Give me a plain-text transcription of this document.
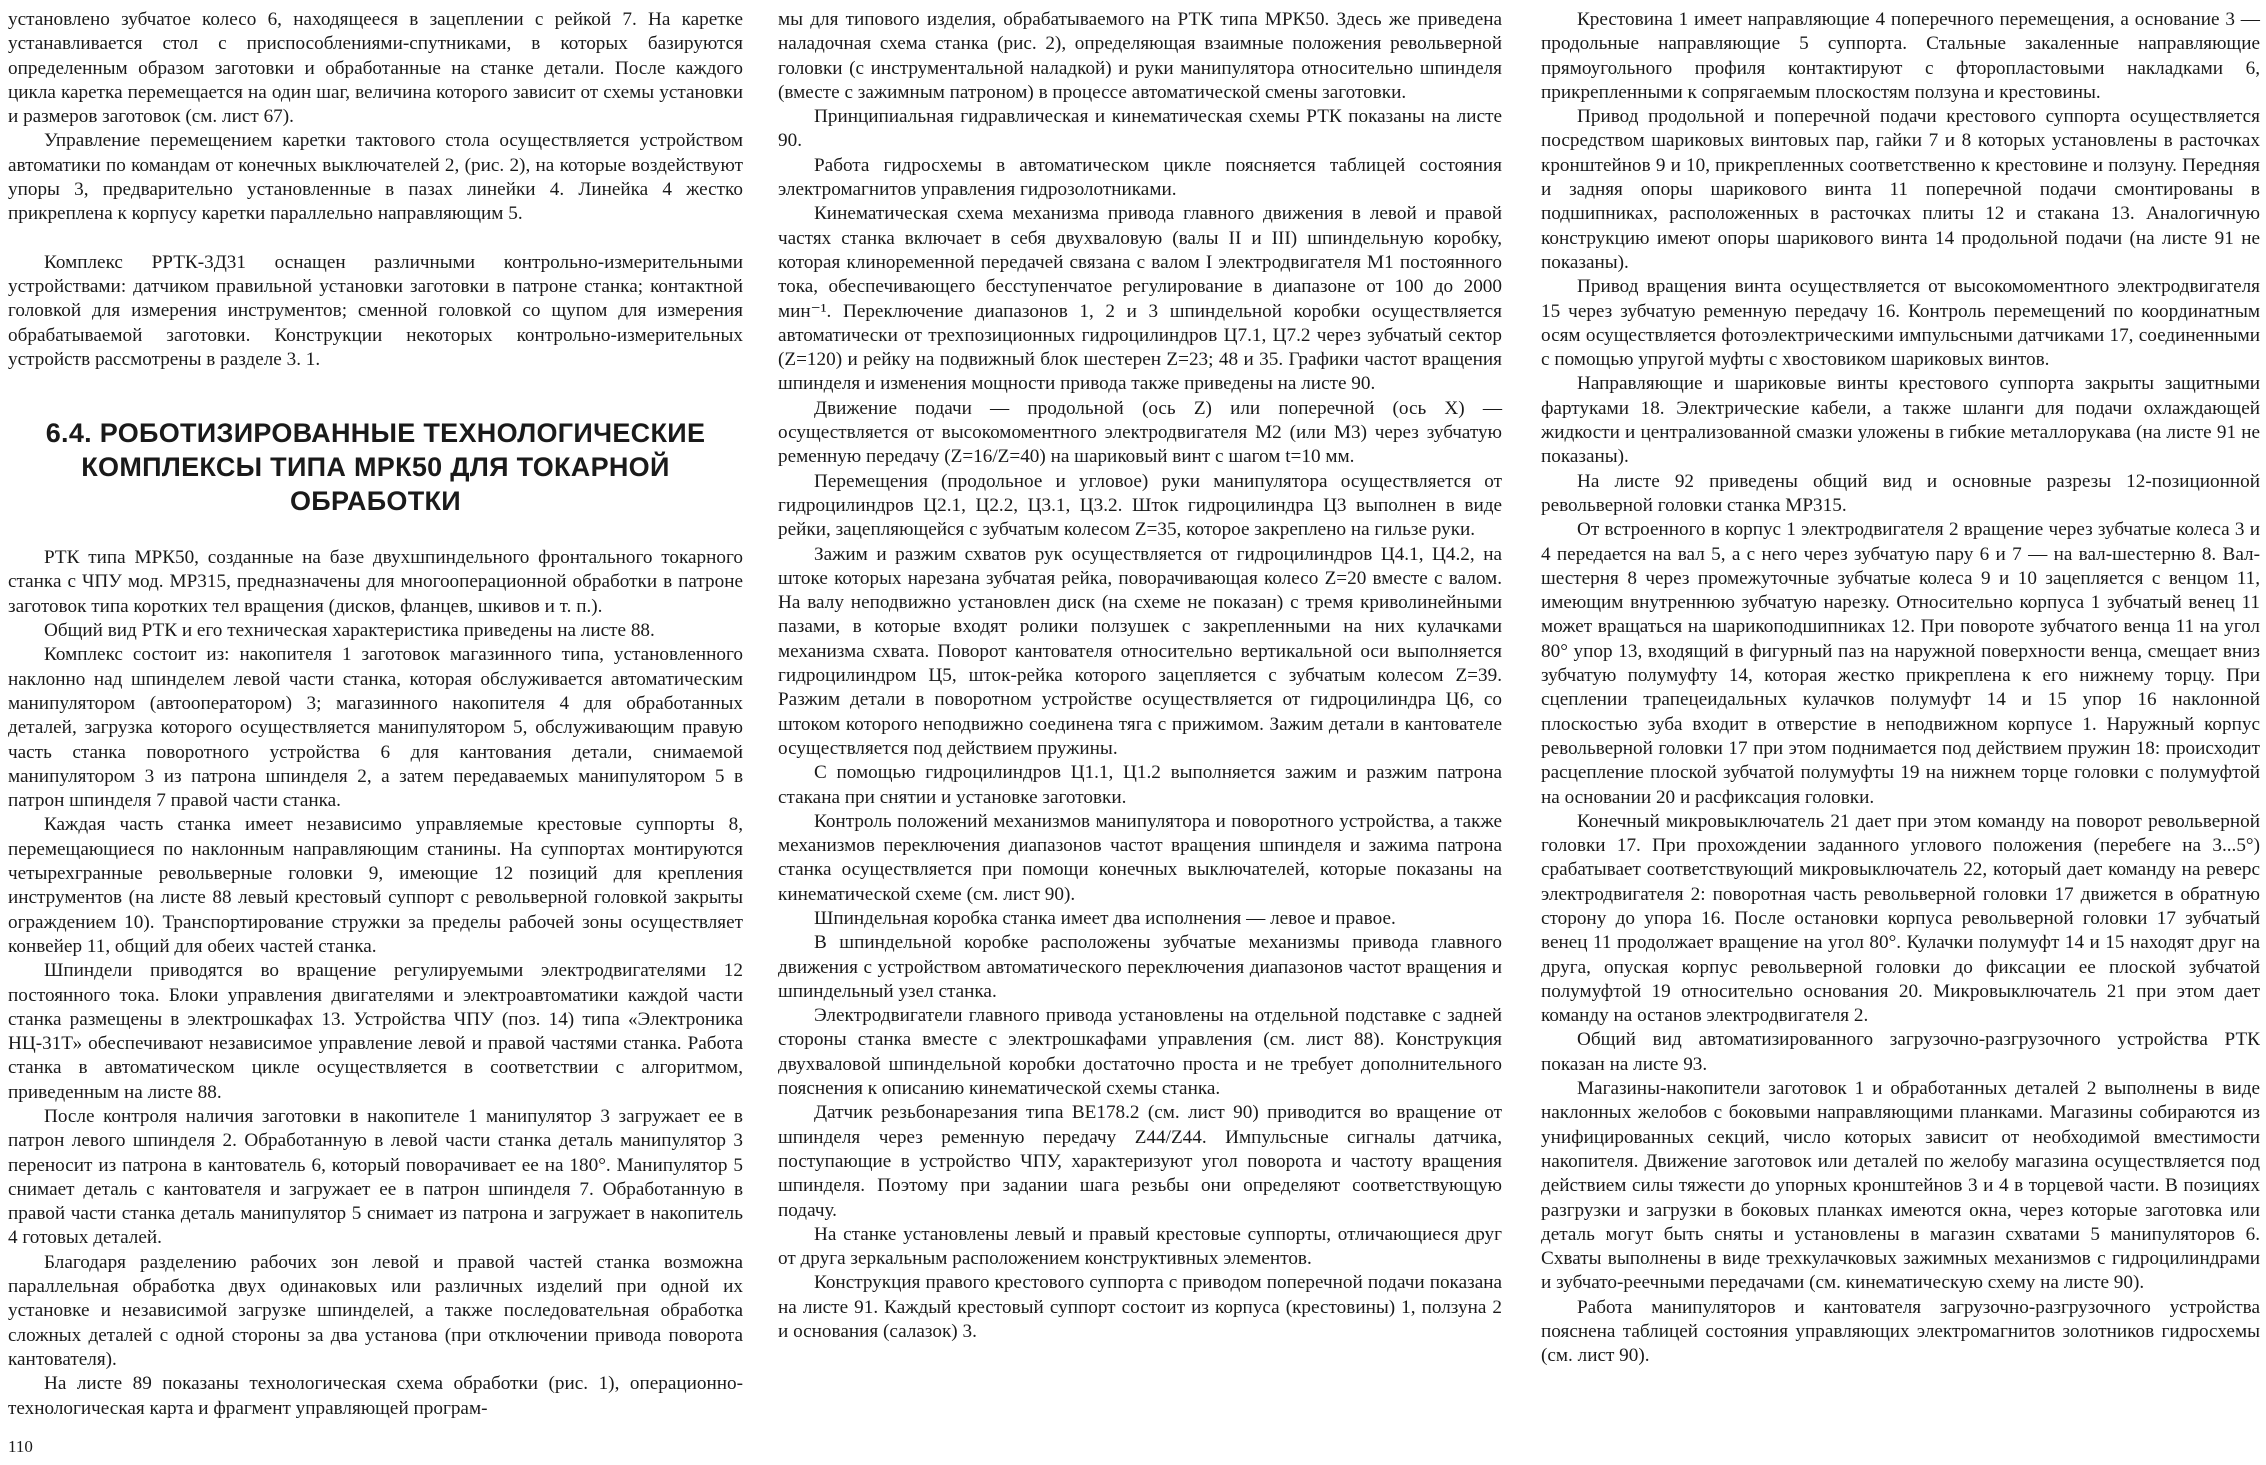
установлено зубчатое колесо 6, находящееся в зацеплении с рейкой 7. На каретке устанавливается стол с приспособлениями-спутниками, в которых базируются определенным образом заготовки и обработанные на станке детали. После каждого цикла каретка перемещается на один шаг, величина которого зависит от схемы установки и размеров заготовок (см. лист 67).

Управление перемещением каретки тактового стола осуществляется устройством автоматики по командам от конечных выключателей 2, (рис. 2), на которые воздействуют упоры 3, предварительно установленные в пазах линейки 4. Линейка 4 жестко прикреплена к корпусу каретки параллельно направляющим 5.

Комплекс РРТК-3Д31 оснащен различными контрольно-измерительными устройствами: датчиком правильной установки заготовки в патроне станка; контактной головкой для измерения инструментов; сменной головкой со щупом для измерения обрабатываемой заготовки. Конструкции некоторых контрольно-измерительных устройств рассмотрены в разделе 3. 1.

6.4. РОБОТИЗИРОВАННЫЕ ТЕХНОЛОГИЧЕСКИЕ КОМПЛЕКСЫ ТИПА МРК50 ДЛЯ ТОКАРНОЙ ОБРАБОТКИ

РТК типа МРК50, созданные на базе двухшпиндельного фронтального токарного станка с ЧПУ мод. МР315, предназначены для многооперационной обработки в патроне заготовок типа коротких тел вращения (дисков, фланцев, шкивов и т. п.).

Общий вид РТК и его техническая характеристика приведены на листе 88.

Комплекс состоит из: накопителя 1 заготовок магазинного типа, установленного наклонно над шпинделем левой части станка, которая обслуживается автоматическим манипулятором (автооператором) 3; магазинного накопителя 4 для обработанных деталей, загрузка которого осуществляется манипулятором 5, обслуживающим правую часть станка поворотного устройства 6 для кантования детали, снимаемой манипулятором 3 из патрона шпинделя 2, а затем передаваемых манипулятором 5 в патрон шпинделя 7 правой части станка.

Каждая часть станка имеет независимо управляемые крестовые суппорты 8, перемещающиеся по наклонным направляющим станины. На суппортах монтируются четырехгранные револьверные головки 9, имеющие 12 позиций для крепления инструментов (на листе 88 левый крестовый суппорт с револьверной головкой закрыты ограждением 10). Транспортирование стружки за пределы рабочей зоны осуществляет конвейер 11, общий для обеих частей станка.

Шпиндели приводятся во вращение регулируемыми электродвигателями 12 постоянного тока. Блоки управления двигателями и электроавтоматики каждой части станка размещены в электрошкафах 13. Устройства ЧПУ (поз. 14) типа «Электроника НЦ-31Т» обеспечивают независимое управление левой и правой частями станка. Работа станка в автоматическом цикле осуществляется в соответствии с алгоритмом, приведенным на листе 88.

После контроля наличия заготовки в накопителе 1 манипулятор 3 загружает ее в патрон левого шпинделя 2. Обработанную в левой части станка деталь манипулятор 3 переносит из патрона в кантователь 6, который поворачивает ее на 180°. Манипулятор 5 снимает деталь с кантователя и загружает ее в патрон шпинделя 7. Обработанную в правой части станка деталь манипулятор 5 снимает из патрона и загружает в накопитель 4 готовых деталей.

Благодаря разделению рабочих зон левой и правой частей станка возможна параллельная обработка двух одинаковых или различных изделий при одной их установке и независимой загрузке шпинделей, а также последовательная обработка сложных деталей с одной стороны за два установа (при отключении привода поворота кантователя).

На листе 89 показаны технологическая схема обработки (рис. 1), операционно-технологическая карта и фрагмент управляющей програм-

мы для типового изделия, обрабатываемого на РТК типа МРК50. Здесь же приведена наладочная схема станка (рис. 2), определяющая взаимные положения револьверной головки (с инструментальной наладкой) и руки манипулятора относительно шпинделя (вместе с зажимным патроном) в процессе автоматической смены заготовки.

Принципиальная гидравлическая и кинематическая схемы РТК показаны на листе 90.

Работа гидросхемы в автоматическом цикле поясняется таблицей состояния электромагнитов управления гидрозолотниками.

Кинематическая схема механизма привода главного движения в левой и правой частях станка включает в себя двухваловую (валы II и III) шпиндельную коробку, которая клиноременной передачей связана с валом I электродвигателя M1 постоянного тока, обеспечивающего бесступенчатое регулирование в диапазоне от 100 до 2000 мин⁻¹. Переключение диапазонов 1, 2 и 3 шпиндельной коробки осуществляется автоматически от трехпозиционных гидроцилиндров Ц7.1, Ц7.2 через зубчатый сектор (Z=120) и рейку на подвижный блок шестерен Z=23; 48 и 35. Графики частот вращения шпинделя и изменения мощности привода также приведены на листе 90.

Движение подачи — продольной (ось Z) или поперечной (ось X) — осуществляется от высокомоментного электродвигателя M2 (или M3) через зубчатую ременную передачу (Z=16/Z=40) на шариковый винт с шагом t=10 мм.

Перемещения (продольное и угловое) руки манипулятора осуществляется от гидроцилиндров Ц2.1, Ц2.2, Ц3.1, Ц3.2. Шток гидроцилиндра Ц3 выполнен в виде рейки, зацепляющейся с зубчатым колесом Z=35, которое закреплено на гильзе руки.

Зажим и разжим схватов рук осуществляется от гидроцилиндров Ц4.1, Ц4.2, на штоке которых нарезана зубчатая рейка, поворачивающая колесо Z=20 вместе с валом. На валу неподвижно установлен диск (на схеме не показан) с тремя криволинейными пазами, в которые входят ролики ползушек с закрепленными на них кулачками механизма схвата. Поворот кантователя относительно вертикальной оси выполняется гидроцилиндром Ц5, шток-рейка которого зацепляется с зубчатым колесом Z=39. Разжим детали в поворотном устройстве осуществляется от гидроцилиндра Ц6, со штоком которого неподвижно соединена тяга с прижимом. Зажим детали в кантователе осуществляется под действием пружины.

С помощью гидроцилиндров Ц1.1, Ц1.2 выполняется зажим и разжим патрона стакана при снятии и установке заготовки.

Контроль положений механизмов манипулятора и поворотного устройства, а также механизмов переключения диапазонов частот вращения шпинделя и зажима патрона станка осуществляется при помощи конечных выключателей, которые показаны на кинематической схеме (см. лист 90).

Шпиндельная коробка станка имеет два исполнения — левое и правое.

В шпиндельной коробке расположены зубчатые механизмы привода главного движения с устройством автоматического переключения диапазонов частот вращения и шпиндельный узел станка.

Электродвигатели главного привода установлены на отдельной подставке с задней стороны станка вместе с электрошкафами управления (см. лист 88). Конструкция двухваловой шпиндельной коробки достаточно проста и не требует дополнительного пояснения к описанию кинематической схемы станка.

Датчик резьбонарезания типа ВЕ178.2 (см. лист 90) приводится во вращение от шпинделя через ременную передачу Z44/Z44. Импульсные сигналы датчика, поступающие в устройство ЧПУ, характеризуют угол поворота и частоту вращения шпинделя. Поэтому при задании шага резьбы они определяют соответствующую подачу.

На станке установлены левый и правый крестовые суппорты, отличающиеся друг от друга зеркальным расположением конструктивных элементов.

Конструкция правого крестового суппорта с приводом поперечной подачи показана на листе 91. Каждый крестовый суппорт состоит из корпуса (крестовины) 1, ползуна 2 и основания (салазок) 3.

Крестовина 1 имеет направляющие 4 поперечного перемещения, а основание 3 — продольные направляющие 5 суппорта. Стальные закаленные направляющие прямоугольного профиля контактируют с фторопластовыми накладками 6, прикрепленными к сопрягаемым плоскостям ползуна и крестовины.

Привод продольной и поперечной подачи крестового суппорта осуществляется посредством шариковых винтовых пар, гайки 7 и 8 которых установлены в расточках кронштейнов 9 и 10, прикрепленных соответственно к крестовине и ползуну. Передняя и задняя опоры шарикового винта 11 поперечной подачи смонтированы в подшипниках, расположенных в расточках плиты 12 и стакана 13. Аналогичную конструкцию имеют опоры шарикового винта 14 продольной подачи (на листе 91 не показаны).

Привод вращения винта осуществляется от высокомоментного электродвигателя 15 через зубчатую ременную передачу 16. Контроль перемещений по координатным осям осуществляется фотоэлектрическими импульсными датчиками 17, соединенными с помощью упругой муфты с хвостовиком шариковых винтов.

Направляющие и шариковые винты крестового суппорта закрыты защитными фартуками 18. Электрические кабели, а также шланги для подачи охлаждающей жидкости и централизованной смазки уложены в гибкие металлорукава (на листе 91 не показаны).

На листе 92 приведены общий вид и основные разрезы 12-позиционной револьверной головки станка МР315.

От встроенного в корпус 1 электродвигателя 2 вращение через зубчатые колеса 3 и 4 передается на вал 5, а с него через зубчатую пару 6 и 7 — на вал-шестерню 8. Вал-шестерня 8 через промежуточные зубчатые колеса 9 и 10 зацепляется с венцом 11, имеющим внутреннюю зубчатую нарезку. Относительно корпуса 1 зубчатый венец 11 может вращаться на шарикоподшипниках 12. При повороте зубчатого венца 11 на угол 80° упор 13, входящий в фигурный паз на наружной поверхности венца, смещает вниз зубчатую полумуфту 14, которая жестко прикреплена к его нижнему торцу. При сцеплении трапецеидальных кулачков полумуфт 14 и 15 упор 16 наклонной плоскостью зуба входит в отверстие в неподвижном корпусе 1. Наружный корпус револьверной головки 17 при этом поднимается под действием пружин 18: происходит расцепление плоской зубчатой полумуфты 19 на нижнем торце головки с полумуфтой на основании 20 и расфиксация головки.

Конечный микровыключатель 21 дает при этом команду на поворот револьверной головки 17. При прохождении заданного углового положения (перебеге на 3...5°) срабатывает соответствующий микровыключатель 22, который дает команду на реверс электродвигателя 2: поворотная часть револьверной головки 17 движется в обратную сторону до упора 16. После остановки корпуса револьверной головки 17 зубчатый венец 11 продолжает вращение на угол 80°. Кулачки полумуфт 14 и 15 находят друг на друга, опуская корпус револьверной головки до фиксации ее плоской зубчатой полумуфтой 19 относительно основания 20. Микровыключатель 21 при этом дает команду на останов электродвигателя 2.

Общий вид автоматизированного загрузочно-разгрузочного устройства РТК показан на листе 93.

Магазины-накопители заготовок 1 и обработанных деталей 2 выполнены в виде наклонных желобов с боковыми направляющими планками. Магазины собираются из унифицированных секций, число которых зависит от необходимой вместимости накопителя. Движение заготовок или деталей по желобу магазина осуществляется под действием силы тяжести до упорных кронштейнов 3 и 4 в торцевой части. В позициях разгрузки и загрузки в боковых планках имеются окна, через которые заготовка или деталь могут быть сняты и установлены в магазин схватами 5 манипуляторов 6. Схваты выполнены в виде трехкулачковых зажимных механизмов с гидроцилиндрами и зубчато-реечными передачами (см. кинематическую схему на листе 90).

Работа манипуляторов и кантователя загрузочно-разгрузочного устройства пояснена таблицей состояния управляющих электромагнитов золотников гидросхемы (см. лист 90).

110
